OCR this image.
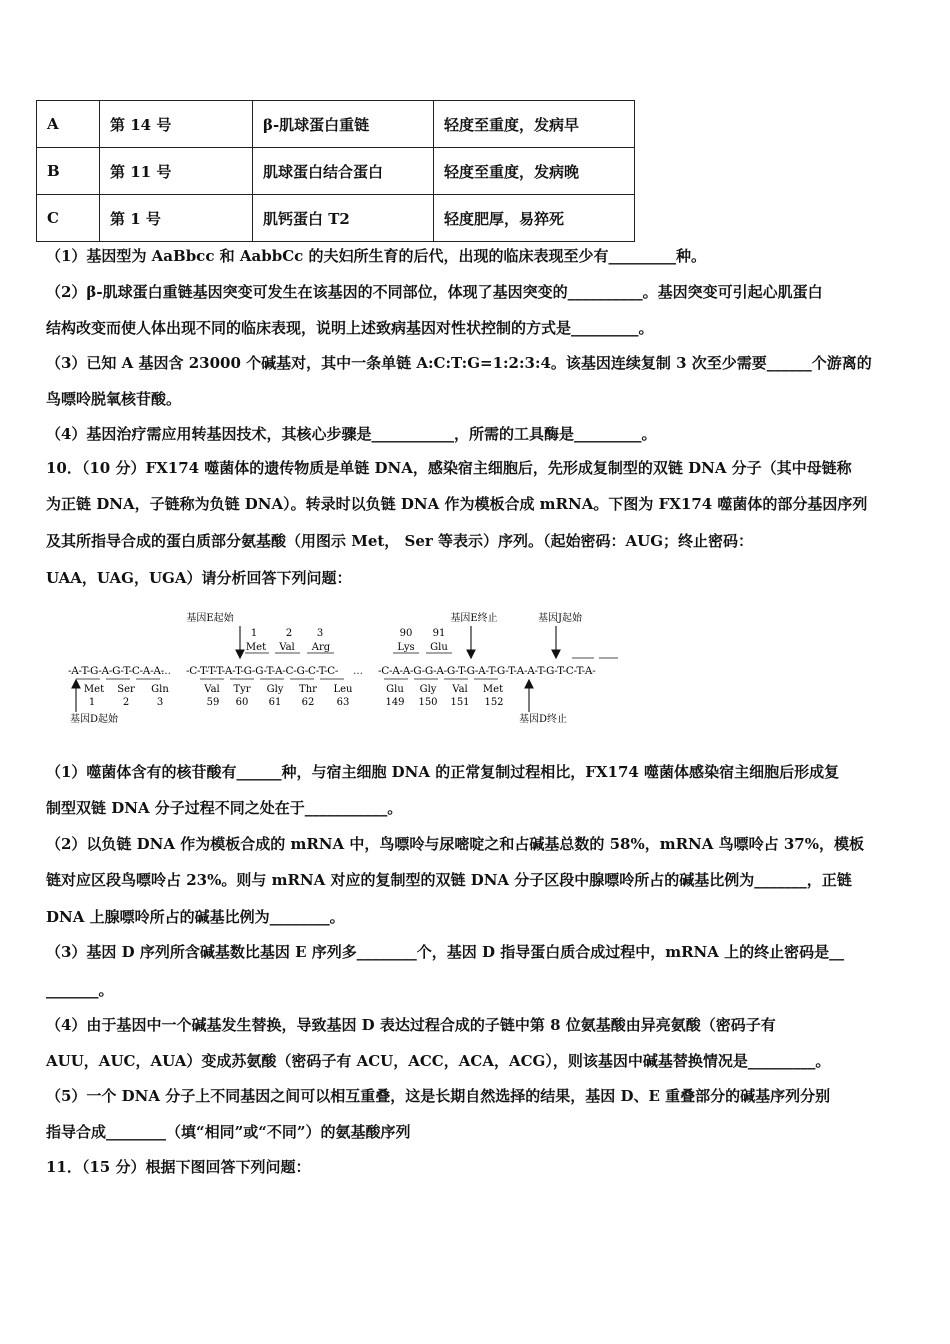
A	第 14 号	β-肌球蛋白重链	轻度至重度，发病早
B	第 11 号	肌球蛋白结合蛋白	轻度至重度，发病晚
C	第 1 号	肌钙蛋白 T2	轻度肥厚，易猝死
（1）基因型为 AaBbcc 和 AabbCc 的夫妇所生育的后代，出现的临床表现至少有_________种。
（2）β-肌球蛋白重链基因突变可发生在该基因的不同部位，体现了基因突变的__________。基因突变可引起心肌蛋白
结构改变而使人体出现不同的临床表现，说明上述致病基因对性状控制的方式是_________。
（3）已知 A 基因含 23000 个碱基对，其中一条单链 A:C:T:G=1:2:3:4。该基因连续复制 3 次至少需要______个游离的
鸟嘌呤脱氧核苷酸。
（4）基因治疗需应用转基因技术，其核心步骤是___________，所需的工具酶是_________。
10．（10 分）FX174 噬菌体的遗传物质是单链 DNA，感染宿主细胞后，先形成复制型的双链 DNA 分子（其中母链称
为正链 DNA，子链称为负链 DNA）。转录时以负链 DNA 作为模板合成 mRNA。下图为 FX174 噬菌体的部分基因序列
及其所指导合成的蛋白质部分氨基酸（用图示 Met， Ser 等表示）序列。（起始密码：AUG；终止密码：
UAA，UAG，UGA）请分析回答下列问题：
基因E起始	基因E终止	基因J起始
1
Met
2
Val
3
Arg
90
Lys
91
Glu
-A-T-G-A-G-T-C-A-A- -C-T-T-T-A-T-G-G-T-A-C-G-C-T-C-	-C-A-A-G-G-A-G-T-G-A-T-G-T-A-A-T-G-T-C-T-A-
…	…
Met
1
Ser
2
Gln
3
Val
59
Tyr
60
Gly
61
Thr
62
Leu
63
Glu
149
Gly
150
Val
151
Met
152
基因D起始	基因D终止
（1）噬菌体含有的核苷酸有______种，与宿主细胞 DNA 的正常复制过程相比，FX174 噬菌体感染宿主细胞后形成复
制型双链 DNA 分子过程不同之处在于___________。
（2）以负链 DNA 作为模板合成的 mRNA 中，鸟嘌呤与尿嘧啶之和占碱基总数的 58%，mRNA 鸟嘌呤占 37%，模板
链对应区段鸟嘌呤占 23%。则与 mRNA 对应的复制型的双链 DNA 分子区段中腺嘌呤所占的碱基比例为_______，正链
DNA 上腺嘌呤所占的碱基比例为________。
（3）基因 D 序列所含碱基数比基因 E 序列多________个，基因 D 指导蛋白质合成过程中，mRNA 上的终止密码是__
_______。
（4）由于基因中一个碱基发生替换，导致基因 D 表达过程合成的子链中第 8 位氨基酸由异亮氨酸（密码子有
AUU，AUC，AUA）变成苏氨酸（密码子有 ACU，ACC，ACA，ACG），则该基因中碱基替换情况是_________。
（5）一个 DNA 分子上不同基因之间可以相互重叠，这是长期自然选择的结果，基因 D、E 重叠部分的碱基序列分别
指导合成________（填“相同”或“不同”）的氨基酸序列
11．（15 分）根据下图回答下列问题：
